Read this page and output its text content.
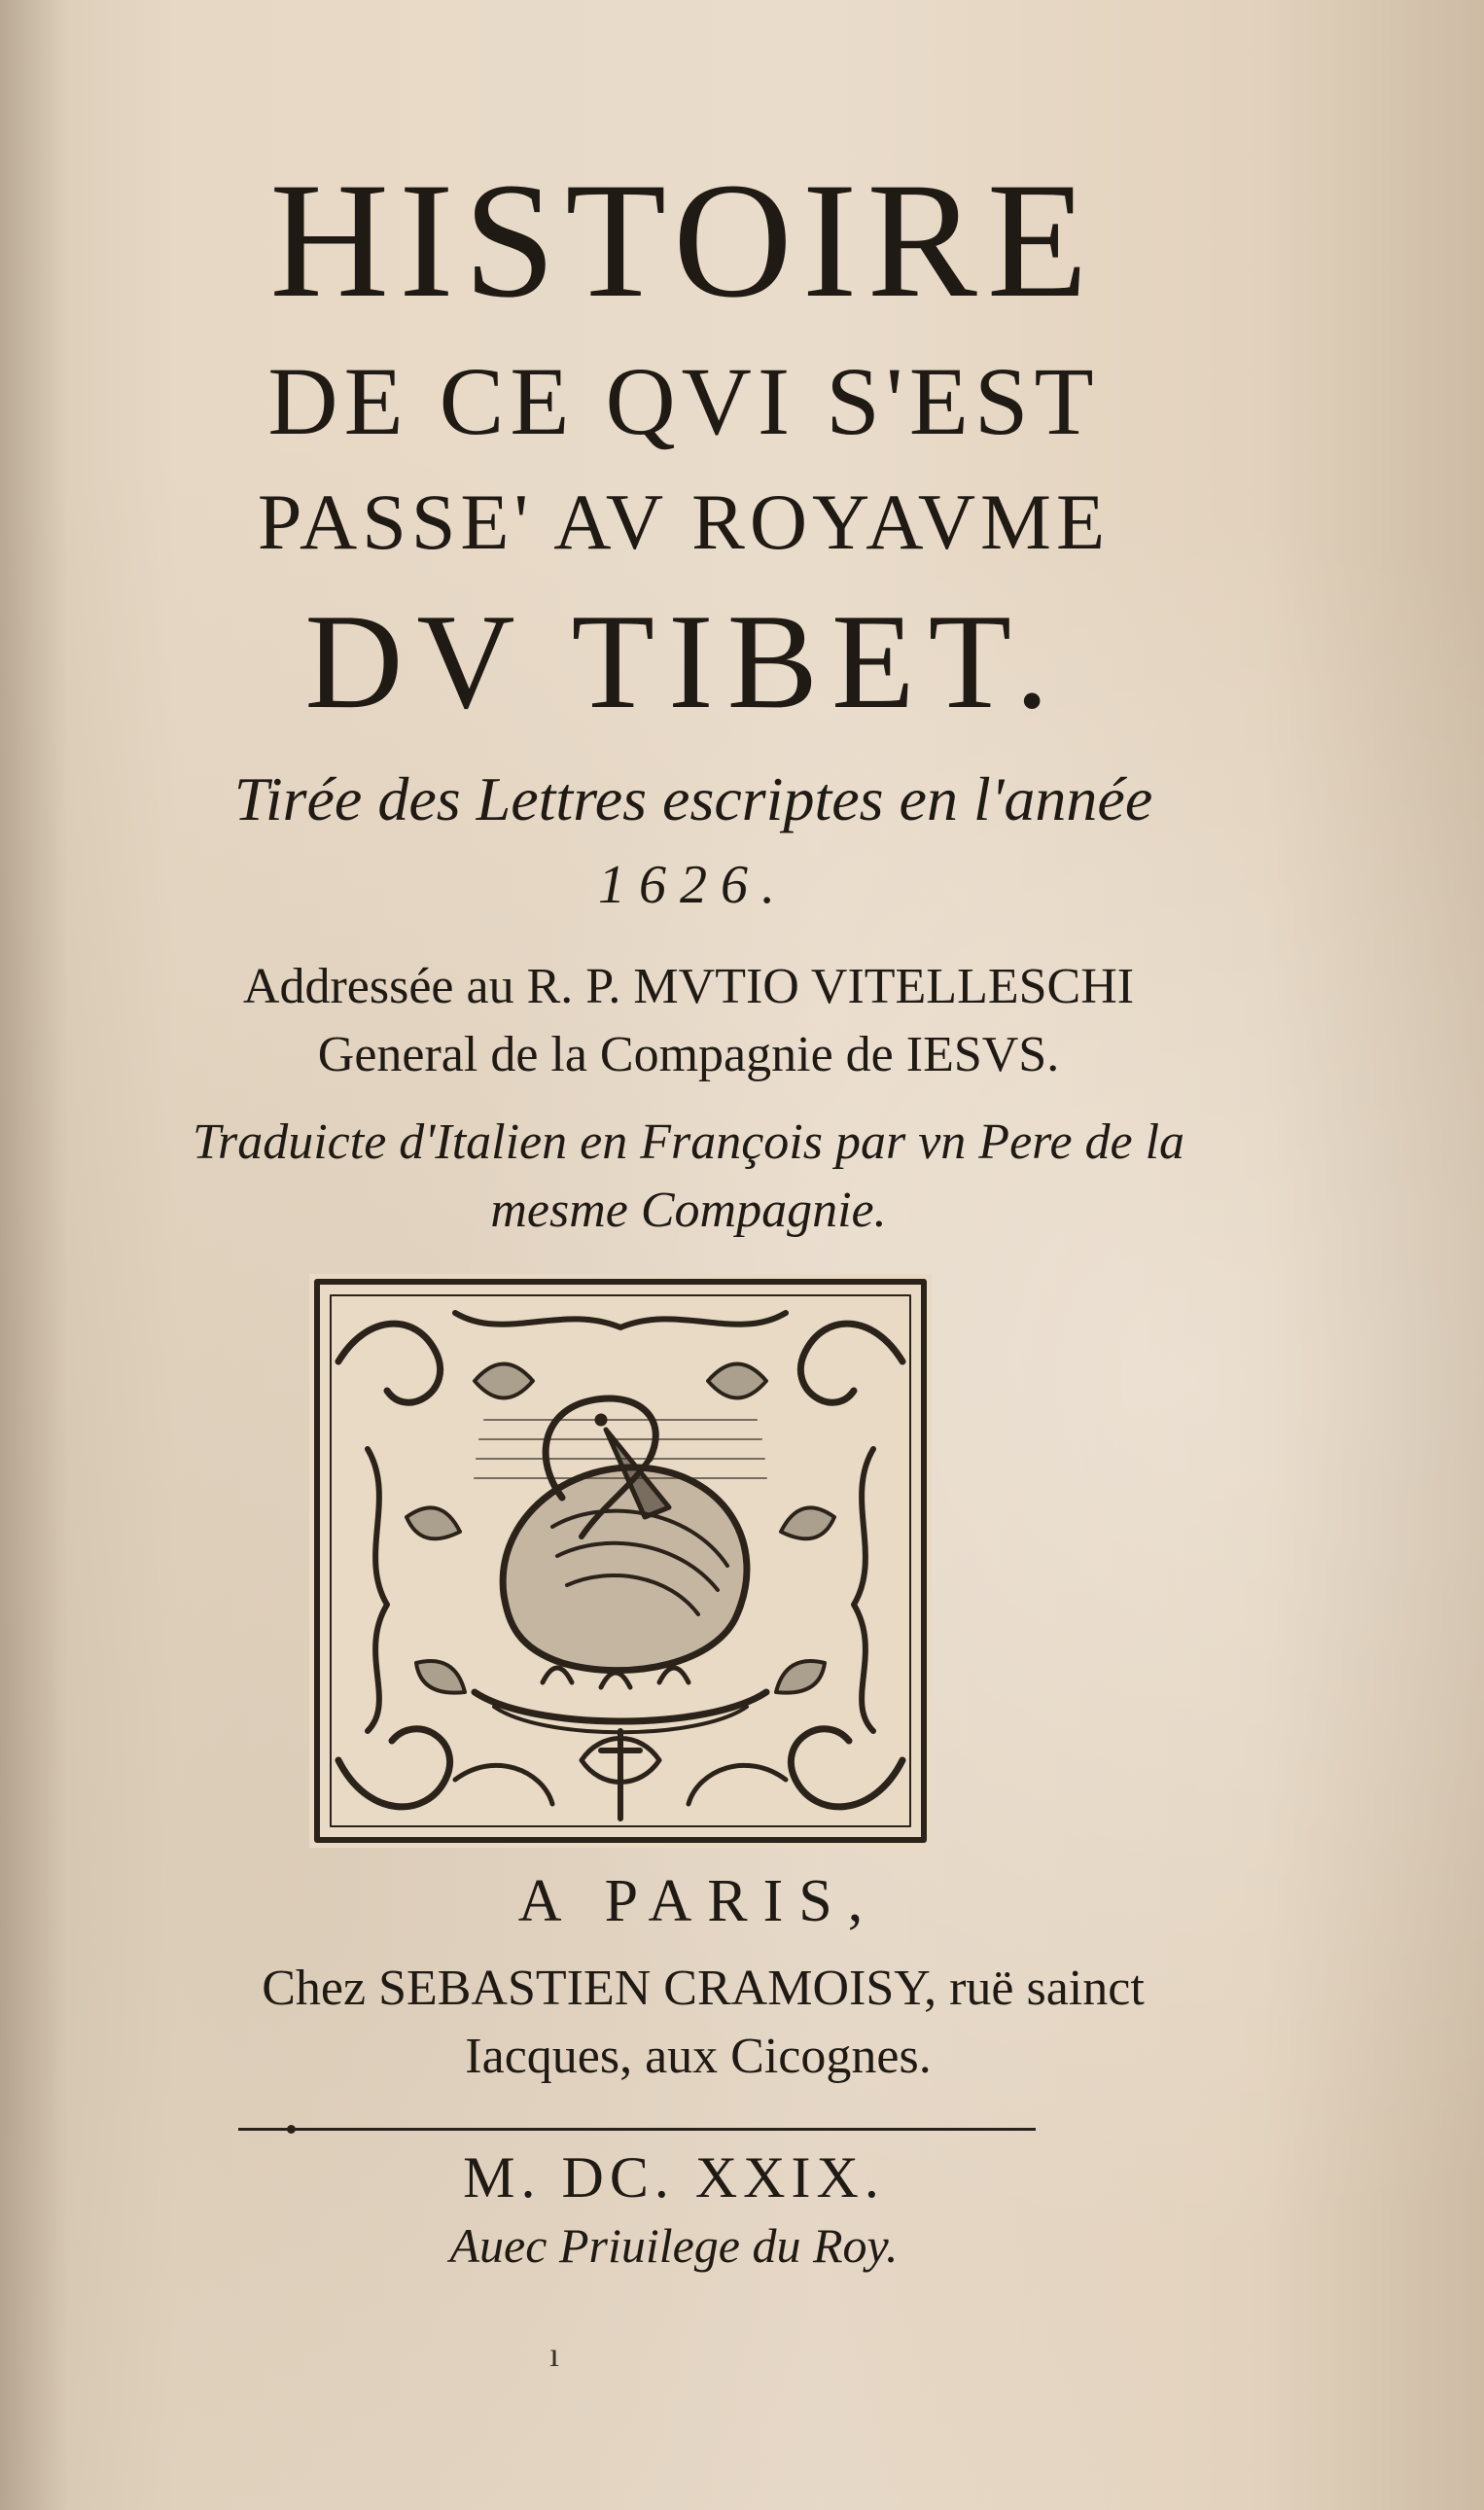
HISTOIRE
DE CE QVI S'EST
PASSE' AV ROYAVME
DV TIBET.
Tirée des Lettres escriptes en l'année
1626.
Addressée au R. P. MVTIO VITELLESCHI
General de la Compagnie de IESVS.
Traduicte d'Italien en François par vn Pere de la
mesme Compagnie.
A PARIS,
Chez SEBASTIEN CRAMOISY, ruë sainct
Iacques, aux Cicognes.
M. DC. XXIX.
Auec Priuilege du Roy.
ı
